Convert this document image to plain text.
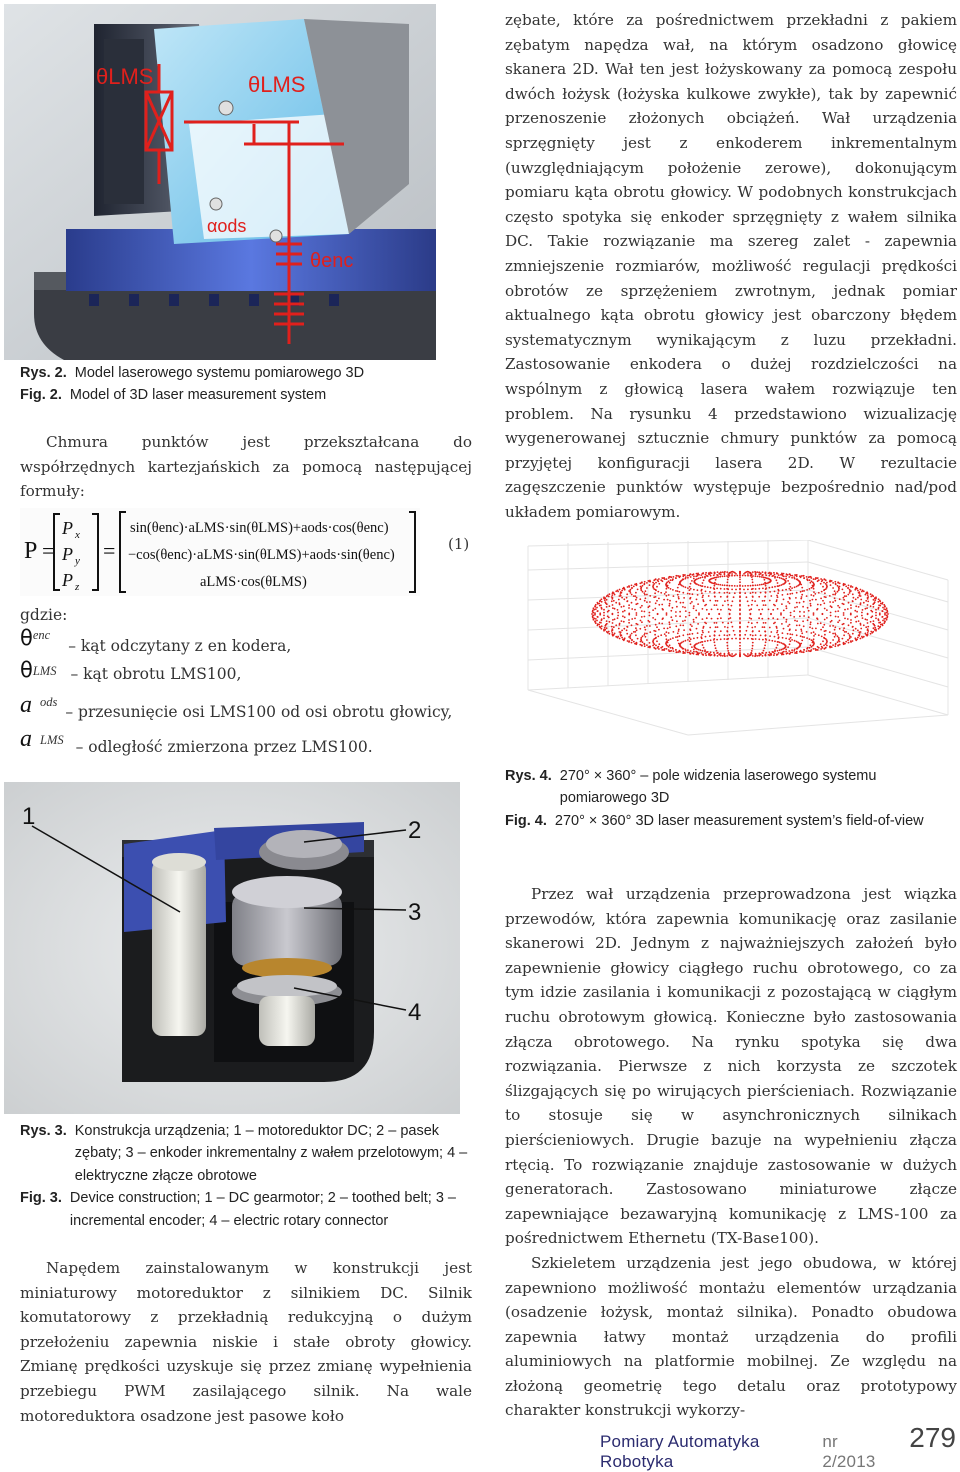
θLMS	θLMS
αods
θenc
Rys. 2. Model laserowego systemu pomiarowego 3D
Fig. 2. Model of 3D laser measurement system

Chmura punktów jest przekształcana do współrzędnych kartezjańskich za pomocą następującej formuły:

zębate, które za pośrednictwem przekładni z pakiem zębatym napędza wał, na którym osadzono głowicę skanera 2D. Wał ten jest łożyskowany za pomocą zespołu dwóch łożysk (łożyska kulkowe zwykłe), tak by zapewnić przenoszenie złożonych obciążeń. Wał urządzenia sprzęgnięty jest z enkoderem inkrementalnym (uwzględniającym położenie zerowe), dokonującym pomiaru kąta obrotu głowicy. W podobnych konstrukcjach często spotyka się enkoder sprzęgnięty z wałem silnika DC. Takie rozwiązanie ma szereg zalet - zapewnia zmniejszenie rozmiarów, możliwość regulacji prędkości obrotów ze sprzężeniem zwrotnym, jednak pomiar aktualnego kąta obrotu głowicy jest obarczony błędem systematycznym wynikającym z luzu przekładni. Zastosowanie enkodera o dużej rozdzielczości na wspólnym z głowicą lasera wałem rozwiązuje ten problem. Na rysunku 4 przedstawiono wizualizację wygenerowanej sztucznie chmury punktów za pomocą przyjętej konfiguracji lasera 2D. W rezultacie zagęszczenie punktów występuje bezpośrednio nad/pod układem pomiarowym.

P =
P x
P y
P z
=
sin(θenc)·aLMS·sin(θLMS)+aods·cos(θenc)
−cos(θenc)·aLMS·sin(θLMS)+aods·sin(θenc)
aLMS·cos(θLMS)
(1)
gdzie:
θ enc
– kąt odczytany z en kodera,
θ LMS – kąt obrotu LMS100,
a ods
– przesunięcie osi LMS100 od osi obrotu głowicy,
a LMS – odległość zmierzona przez LMS100.
1
2
3
4
Rys. 3. Konstrukcja urządzenia; 1 – motoreduktor DC; 2 – pasek zębaty; 3 – enkoder inkrementalny z wałem przelotowym; 4 – elektryczne złącze obrotowe
Fig. 3. Device construction; 1 – DC gearmotor; 2 – toothed belt; 3 – incremental encoder; 4 – electric rotary connector

Napędem zainstalowanym w konstrukcji jest miniaturowy motoreduktor z silnikiem DC. Silnik komutatorowy z przekładnią redukcyjną o dużym przełożeniu zapewnia niskie i stałe obroty głowicy. Zmianę prędkości uzyskuje się przez zmianę wypełnienia przebiegu PWM zasilającego silnik. Na wale motoreduktora osadzone jest pasowe koło

Rys. 4. 270° × 360° – pole widzenia laserowego systemu pomiarowego 3D
Fig. 4. 270° × 360° 3D laser measurement system’s field-of-view

Przez wał urządzenia przeprowadzona jest wiązka przewodów, która zapewnia komunikację oraz zasilanie skanerowi 2D. Jednym z najważniejszych założeń było zapewnienie głowicy ciągłego ruchu obrotowego, co za tym idzie zasilania i komunikacji z pozostającą w ciągłym ruchu obrotowym głowicą. Konieczne było zastosowania złącza obrotowego. Na rynku spotyka się dwa rozwiązania. Pierwsze z nich korzysta ze szczotek ślizgających się po wirujących pierścieniach. Rozwiązanie to stosuje się w asynchronicznych silnikach pierścieniowych. Drugie bazuje na wypełnieniu złącza rtęcią. To rozwiązanie znajduje zastosowanie w dużych generatorach. Zastosowano miniaturowe złącze zapewniające bezawaryjną komunikację z LMS-100 za pośrednictwem Ethernetu (TX-Base100).

Szkieletem urządzenia jest jego obudowa, w której zapewniono możliwość montażu elementów urządzania (osadzenie łożysk, montaż silnika). Ponadto obudowa zapewnia łatwy montaż urządzenia do profili aluminiowych na platformie mobilnej. Ze względu na złożoną geometrię tego detalu oraz prototypowy charakter konstrukcji wykorzy-

Pomiary Automatyka Robotyka
nr 2/2013
279
